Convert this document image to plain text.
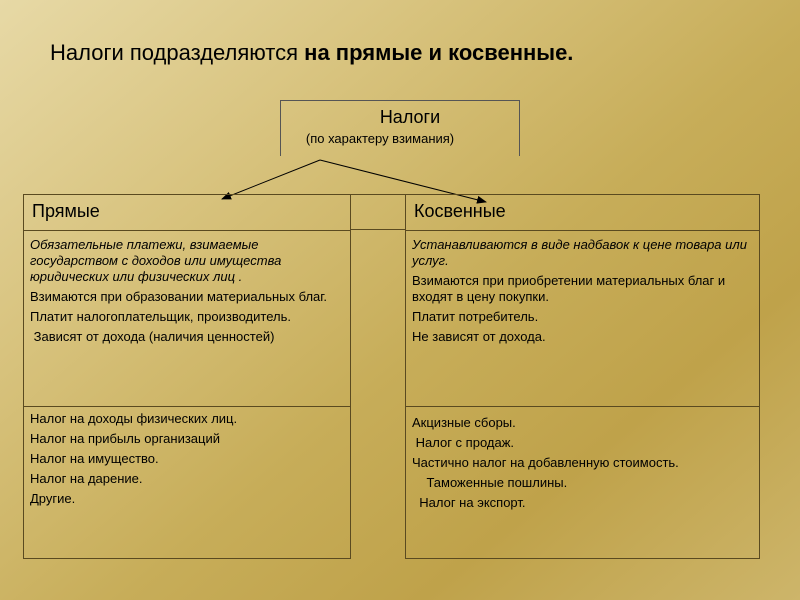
Налоги подразделяются на прямые и косвенные.
Налоги
(по характеру взимания)
Прямые
Обязательные платежи, взимаемые государством с доходов или имущества юридических или физических лиц .
Взимаются при образовании материальных благ.
Платит налогоплательщик, производитель.
Зависят от дохода (наличия ценностей)
Налог на доходы физических лиц.
Налог на прибыль организаций
Налог на имущество.
Налог на дарение.
Другие.
Косвенные
Устанавливаются в виде надбавок к цене товара или услуг.
Взимаются при приобретении материальных благ и входят в цену покупки.
Платит потребитель.
Не зависят от дохода.
Акцизные сборы.
Налог с продаж.
Частично налог на добавленную стоимость.
Таможенные пошлины.
Налог на экспорт.
